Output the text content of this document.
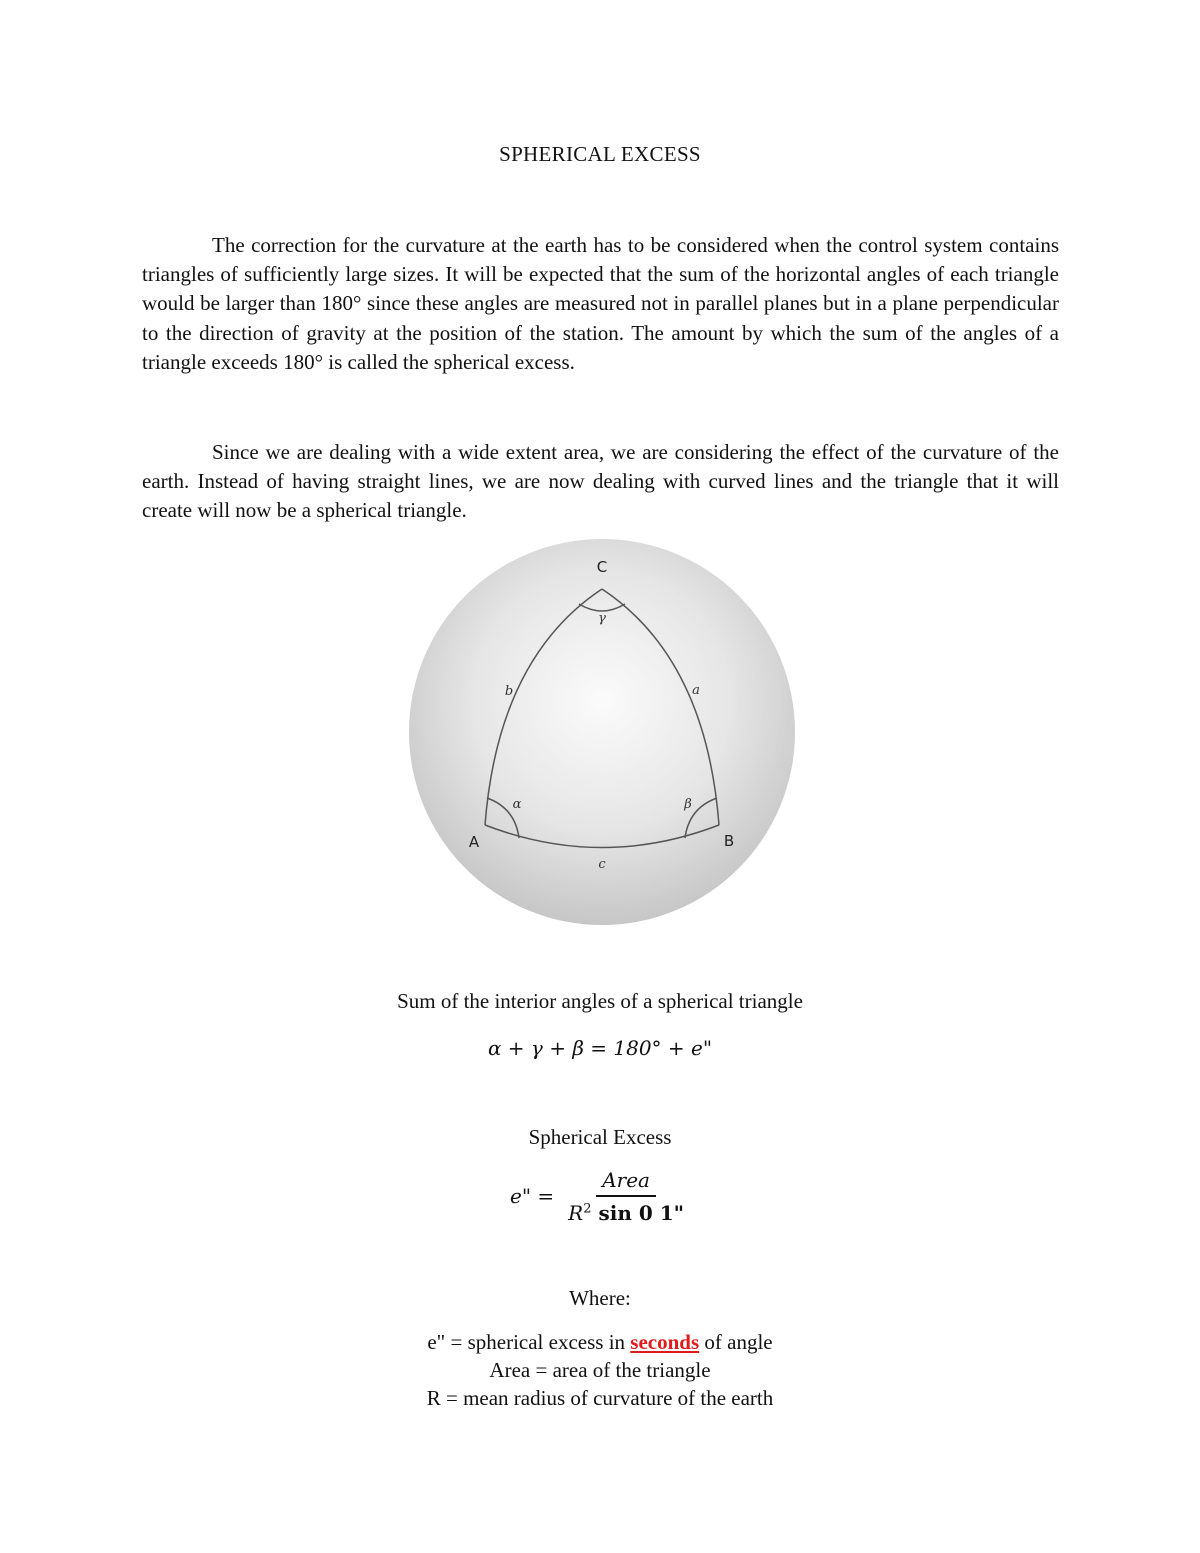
SPHERICAL EXCESS

The correction for the curvature at the earth has to be considered when the control system contains triangles of sufficiently large sizes. It will be expected that the sum of the horizontal angles of each triangle would be larger than 180° since these angles are measured not in parallel planes but in a plane perpendicular to the direction of gravity at the position of the station. The amount by which the sum of the angles of a triangle exceeds 180° is called the spherical excess.

Since we are dealing with a wide extent area, we are considering the effect of the curvature of the earth. Instead of having straight lines, we are now dealing with curved lines and the triangle that it will create will now be a spherical triangle.

C
A	B
b	a
c
γ
α	β

Sum of the interior angles of a spherical triangle

α + γ + β = 180° + e"

Spherical Excess

e" = $\frac{\text{Area}}{R^2 \sin 0 1"}$

Where:

e" = spherical excess in seconds of angle

Area = area of the triangle

R = mean radius of curvature of the earth
